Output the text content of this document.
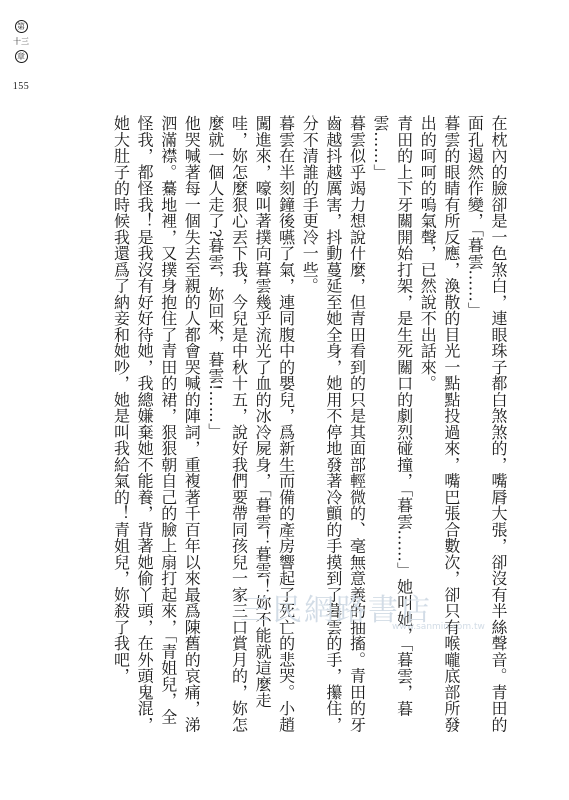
第
十三
章
155

在枕內的臉卻是一色煞白，連眼珠子都白煞煞的，嘴脣大張，卻沒有半絲聲音。青田的面孔遏然作變，「暮雲……」

暮雲的眼睛有所反應，渙散的目光一點點投過來，嘴巴張合數次，卻只有喉嚨底部所發出的呵呵的嗚氣聲，已然說不出話來。

青田的上下牙關開始打架，是生死關口的劇烈碰撞，「暮雲……」她叫她，「暮雲，暮雲……」

暮雲似乎竭力想說什麼，但青田看到的只是其面部輕微的、毫無意義的抽搐。青田的牙齒越抖越厲害，抖動蔓延至她全身，她用不停地發著冷顫的手摸到了暮雲的手，攥住，分不清誰的手更冷一些。

暮雲在半刻鐘後嚥了氣，連同腹中的嬰兒，爲新生而備的產房響起了死亡的悲哭。小趙闖進來，嚎叫著撲向暮雲幾乎流光了血的冰冷屍身，「暮雲！暮雲！妳不能就這麼走哇，妳怎麼狠心丟下我，今兒是中秋十五，說好我們要帶同孩兒一家三口賞月的，妳怎麼就一個人走了?暮雲，妳回來，暮雲!……」

他哭喊著每一個失去至親的人都會哭喊的陣詞，重複著千百年以來最爲陳舊的哀痛，涕泗滿襟。驀地裡，又撲身抱住了青田的裙，狠狠朝自己的臉上扇打起來，「青姐兒，全怪我，都怪我！是我沒有好好待她，我總嫌棄她不能養，背著她偷丫頭，在外頭鬼混，她大肚子的時候我還爲了納妾和她吵，她是叫我給氣的！青姐兒，妳殺了我吧，	三民網路書店
www.sanmin.com.tw
